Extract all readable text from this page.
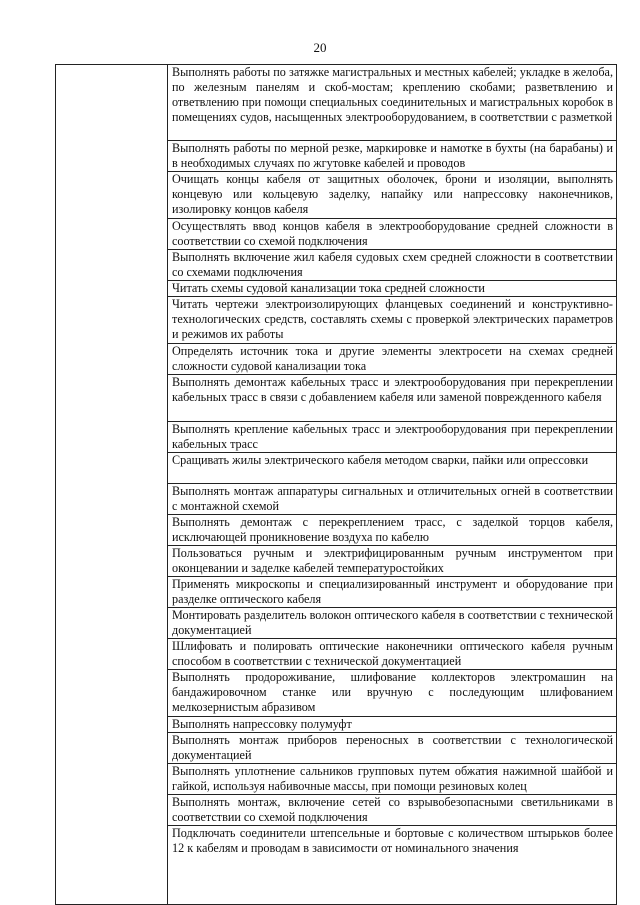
20

Выполнять работы по затяжке магистральных и местных кабелей; укладке в желоба, по железным панелям и скоб-мостам; креплению скобами; разветвлению и ответвлению при помощи специальных соединительных и магистральных коробок в помещениях судов, насыщенных электрооборудованием, в соответствии с разметкой
Выполнять работы по мерной резке, маркировке и намотке в бухты (на барабаны) и в необходимых случаях по жгутовке кабелей и проводов
Очищать концы кабеля от защитных оболочек, брони и изоляции, выполнять концевую или кольцевую заделку, напайку или напрессовку наконечников, изолировку концов кабеля
Осуществлять ввод концов кабеля в электрооборудование средней сложности в соответствии со схемой подключения
Выполнять включение жил кабеля судовых схем средней сложности в соответствии со схемами подключения
Читать схемы судовой канализации тока средней сложности
Читать чертежи электроизолирующих фланцевых соединений и конструктивно-технологических средств, составлять схемы с проверкой электрических параметров и режимов их работы
Определять источник тока и другие элементы электросети на схемах средней сложности судовой канализации тока
Выполнять демонтаж кабельных трасс и электрооборудования при перекреплении кабельных трасс в связи с добавлением кабеля или заменой поврежденного кабеля
Выполнять крепление кабельных трасс и электрооборудования при перекреплении кабельных трасс
Сращивать жилы электрического кабеля методом сварки, пайки или опрессовки
Выполнять монтаж аппаратуры сигнальных и отличительных огней в соответствии с монтажной схемой
Выполнять демонтаж с перекреплением трасс, с заделкой торцов кабеля, исключающей проникновение воздуха по кабелю
Пользоваться ручным и электрифицированным ручным инструментом при оконцевании и заделке кабелей температуростойких
Применять микроскопы и специализированный инструмент и оборудование при разделке оптического кабеля
Монтировать разделитель волокон оптического кабеля в соответствии с технической документацией
Шлифовать и полировать оптические наконечники оптического кабеля ручным способом в соответствии с технической документацией
Выполнять продороживание, шлифование коллекторов электромашин на бандажировочном станке или вручную с последующим шлифованием мелкозернистым абразивом
Выполнять напрессовку полумуфт
Выполнять монтаж приборов переносных в соответствии с технологической документацией
Выполнять уплотнение сальников групповых путем обжатия нажимной шайбой и гайкой, используя набивочные массы, при помощи резиновых колец
Выполнять монтаж, включение сетей со взрывобезопасными светильниками в соответствии со схемой подключения
Подключать соединители штепсельные и бортовые с количеством штырьков более 12 к кабелям и проводам в зависимости от номинального значения
